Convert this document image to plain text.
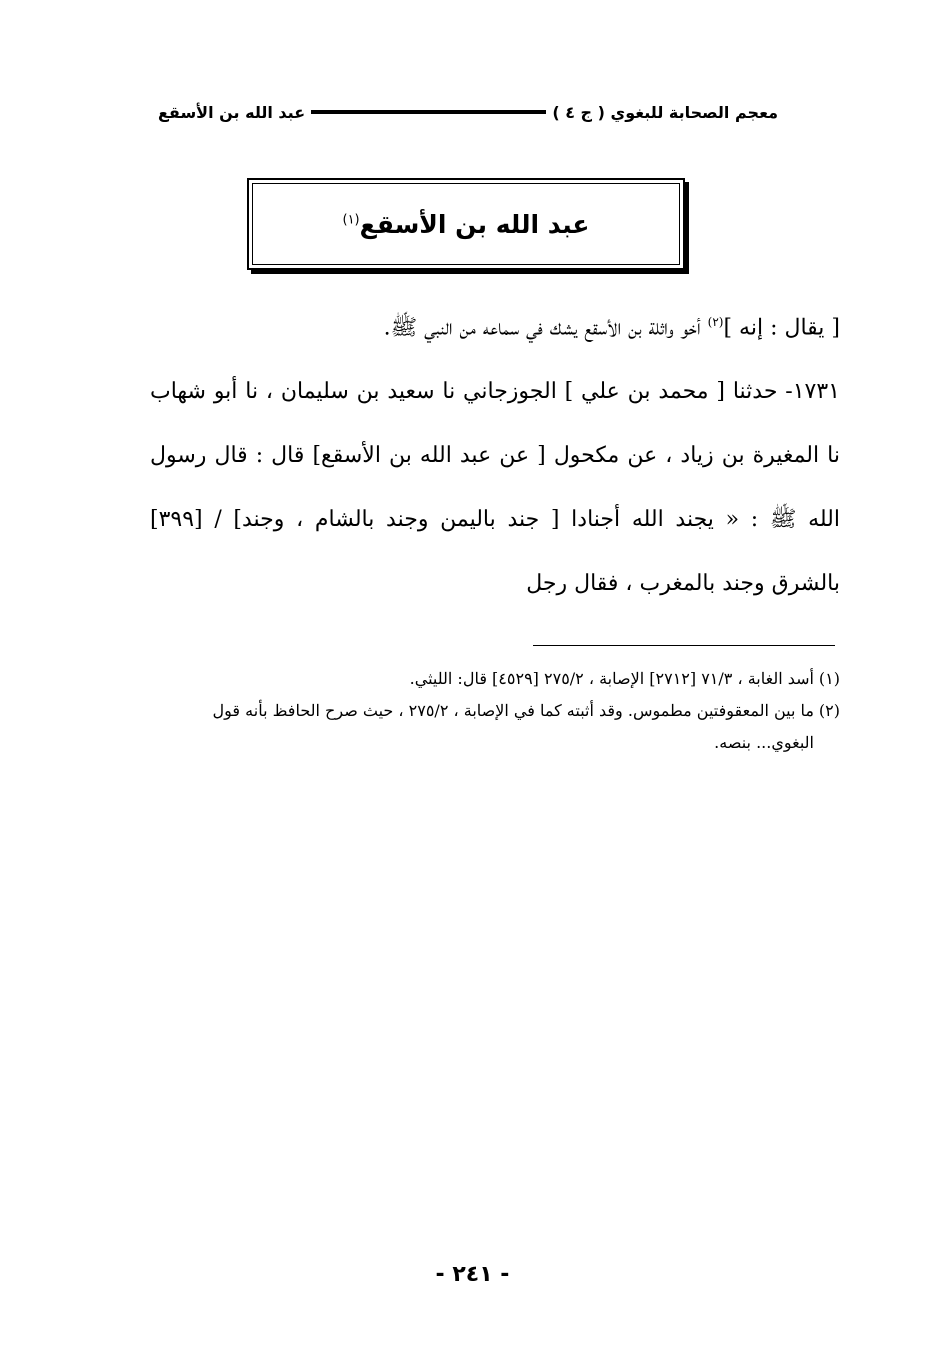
معجم الصحابة للبغوي ( ج ٤ )
عبد الله بن الأسقع
عبد الله بن الأسقع$^{(١)}$

[ يقال : إنه ]$^{(٢)}$ أخو واثلة بن الأسقع يشك في سماعه من النبي ﷺ.

١٧٣١- حدثنا [ محمد بن علي ] الجوزجاني نا سعيد بن سليمان ، نا أبو شهاب نا المغيرة بن زياد ، عن مكحول [ عن عبد الله بن الأسقع] قال : قال رسول الله ﷺ : « يجند الله أجنادا [ جند باليمن وجند بالشام ، وجند] / [٣٩٩] بالشرق وجند بالمغرب ، فقال رجل

(١)
أسد الغابة ، ٧١/٣ [٢٧١٢] الإصابة ، ٢٧٥/٢ [٤٥٢٩] قال: الليثي.
(٢)
ما بين المعقوفتين مطموس. وقد أثبته كما في الإصابة ، ٢٧٥/٢ ، حيث صرح الحافظ بأنه قول البغوي... بنصه.
- ٢٤١ -
